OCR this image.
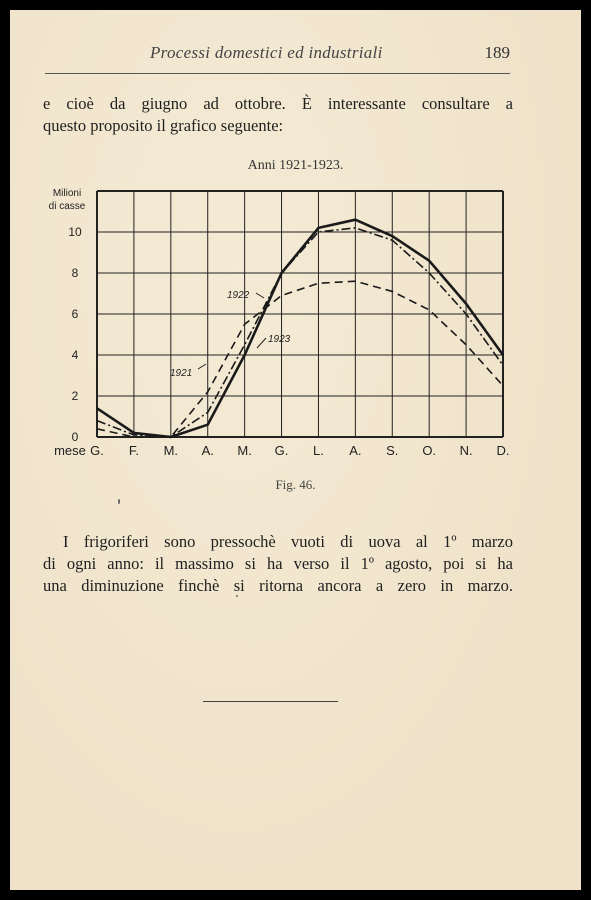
Processi domestici ed industriali	189
e cioè da giugno ad ottobre. È interessante consultare a
questo proposito il grafico seguente:
Anni 1921-1923.
0
2
4
6
8
10
Milioni
di casse
mese G. F. M. A. M. G. L. A. S. O. N. D.
1921
1922
1923
Fig. 46.
I frigoriferi sono pressochè vuoti di uova al 1º marzo
di ogni anno: il massimo si ha verso il 1º agosto, poi si ha
una diminuzione finchè si ritorna ancora a zero in marzo.
